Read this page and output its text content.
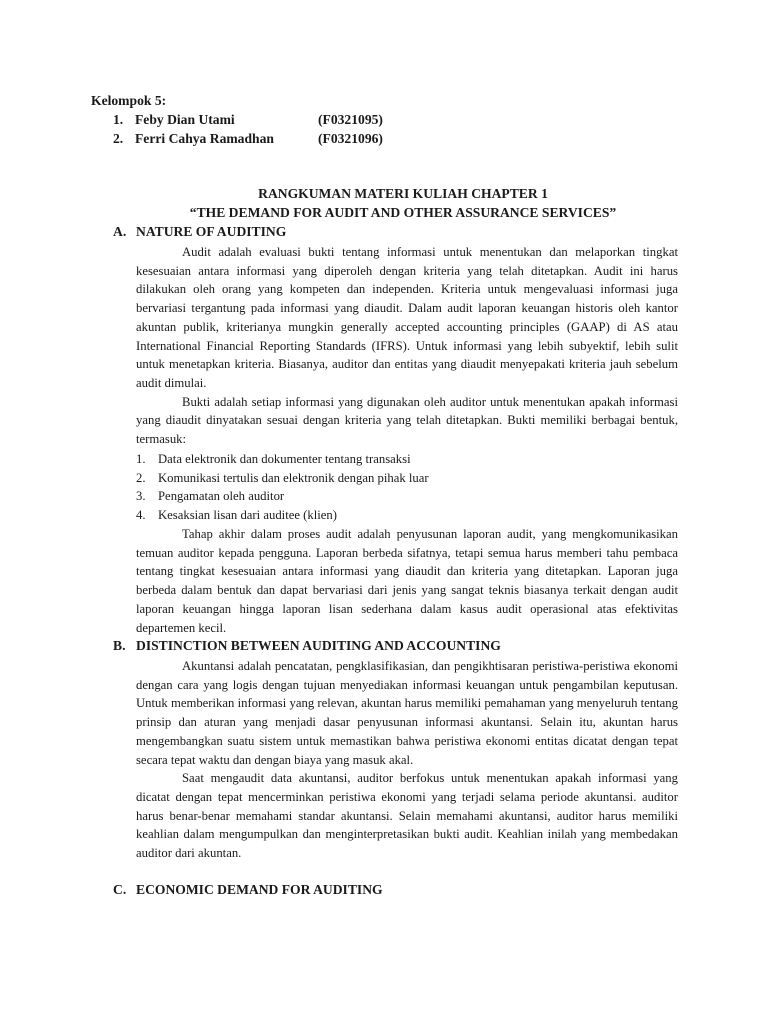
Kelompok 5:
1. Feby Dian Utami	(F0321095)
2. Ferri Cahya Ramadhan	(F0321096)
RANGKUMAN MATERI KULIAH CHAPTER 1
“THE DEMAND FOR AUDIT AND OTHER ASSURANCE SERVICES”
A. NATURE OF AUDITING

Audit adalah evaluasi bukti tentang informasi untuk menentukan dan melaporkan tingkat kesesuaian antara informasi yang diperoleh dengan kriteria yang telah ditetapkan. Audit ini harus dilakukan oleh orang yang kompeten dan independen. Kriteria untuk mengevaluasi informasi juga bervariasi tergantung pada informasi yang diaudit. Dalam audit laporan keuangan historis oleh kantor akuntan publik, kriterianya mungkin generally accepted accounting principles (GAAP) di AS atau International Financial Reporting Standards (IFRS). Untuk informasi yang lebih subyektif, lebih sulit untuk menetapkan kriteria. Biasanya, auditor dan entitas yang diaudit menyepakati kriteria jauh sebelum audit dimulai.

Bukti adalah setiap informasi yang digunakan oleh auditor untuk menentukan apakah informasi yang diaudit dinyatakan sesuai dengan kriteria yang telah ditetapkan. Bukti memiliki berbagai bentuk, termasuk:

1. Data elektronik dan dokumenter tentang transaksi
2. Komunikasi tertulis dan elektronik dengan pihak luar
3. Pengamatan oleh auditor
4. Kesaksian lisan dari auditee (klien)

Tahap akhir dalam proses audit adalah penyusunan laporan audit, yang mengkomunikasikan temuan auditor kepada pengguna. Laporan berbeda sifatnya, tetapi semua harus memberi tahu pembaca tentang tingkat kesesuaian antara informasi yang diaudit dan kriteria yang ditetapkan. Laporan juga berbeda dalam bentuk dan dapat bervariasi dari jenis yang sangat teknis biasanya terkait dengan audit laporan keuangan hingga laporan lisan sederhana dalam kasus audit operasional atas efektivitas departemen kecil.

B. DISTINCTION BETWEEN AUDITING AND ACCOUNTING

Akuntansi adalah pencatatan, pengklasifikasian, dan pengikhtisaran peristiwa-peristiwa ekonomi dengan cara yang logis dengan tujuan menyediakan informasi keuangan untuk pengambilan keputusan. Untuk memberikan informasi yang relevan, akuntan harus memiliki pemahaman yang menyeluruh tentang prinsip dan aturan yang menjadi dasar penyusunan informasi akuntansi. Selain itu, akuntan harus mengembangkan suatu sistem untuk memastikan bahwa peristiwa ekonomi entitas dicatat dengan tepat secara tepat waktu dan dengan biaya yang masuk akal.

Saat mengaudit data akuntansi, auditor berfokus untuk menentukan apakah informasi yang dicatat dengan tepat mencerminkan peristiwa ekonomi yang terjadi selama periode akuntansi. auditor harus benar-benar memahami standar akuntansi. Selain memahami akuntansi, auditor harus memiliki keahlian dalam mengumpulkan dan menginterpretasikan bukti audit. Keahlian inilah yang membedakan auditor dari akuntan.

C. ECONOMIC DEMAND FOR AUDITING
